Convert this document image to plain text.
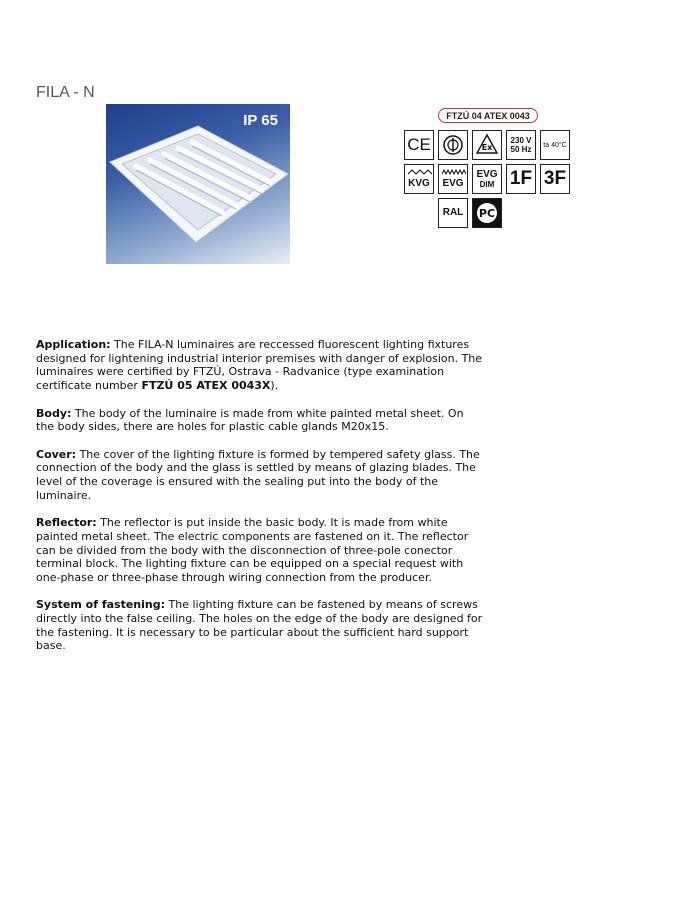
FILA - N
IP 65	FTZÚ 04 ATEX 0043
CE	Ex
230 V
50 Hz ta 40°C
KVG	EVG
EVG
DIM 1F 3F
RAL PC

Application: The FILA-N luminaires are reccessed fluorescent lighting fixtures designed for lightening industrial interior premises with danger of explosion. The luminaires were certified by FTZÚ, Ostrava - Radvanice (type examination certificate number FTZÚ 05 ATEX 0043X).

Body: The body of the luminaire is made from white painted metal sheet. On the body sides, there are holes for plastic cable glands M20x15.

Cover: The cover of the lighting fixture is formed by tempered safety glass. The connection of the body and the glass is settled by means of glazing blades. The level of the coverage is ensured with the sealing put into the body of the luminaire.

Reflector: The reflector is put inside the basic body. It is made from white painted metal sheet. The electric components are fastened on it. The reflector can be divided from the body with the disconnection of three-pole conector terminal block. The lighting fixture can be equipped on a special request with one-phase or three-phase through wiring connection from the producer.

System of fastening: The lighting fixture can be fastened by means of screws directly into the false ceiling. The holes on the edge of the body are designed for the fastening. It is necessary to be particular about the sufficient hard support base.
